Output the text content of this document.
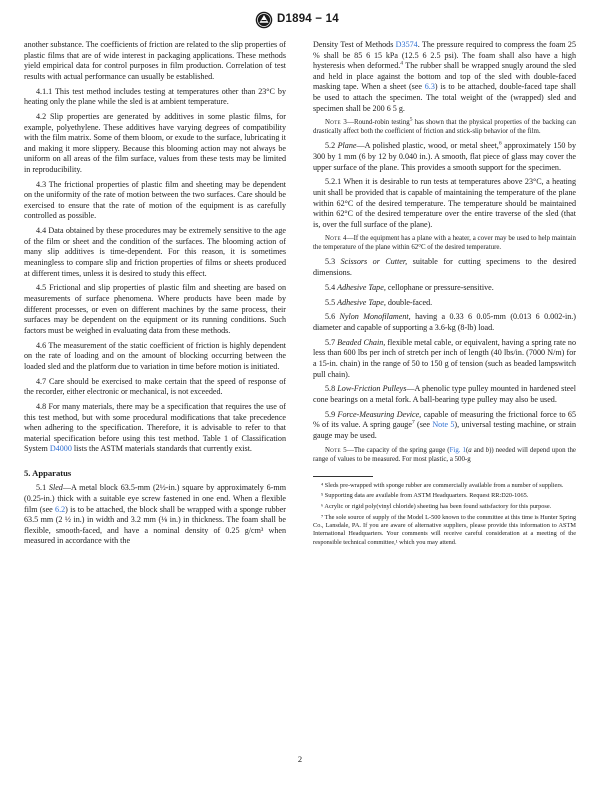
D1894 − 14

another substance. The coefficients of friction are related to the slip properties of plastic films that are of wide interest in packaging applications. These methods yield empirical data for control purposes in film production. Correlation of test results with actual performance can usually be established.

4.1.1 This test method includes testing at temperatures other than 23°C by heating only the plane while the sled is at ambient temperature.

4.2 Slip properties are generated by additives in some plastic films, for example, polyethylene. These additives have varying degrees of compatibility with the film matrix. Some of them bloom, or exude to the surface, lubricating it and making it more slippery. Because this blooming action may not always be uniform on all areas of the film surface, values from these tests may be limited in reproducibility.

4.3 The frictional properties of plastic film and sheeting may be dependent on the uniformity of the rate of motion between the two surfaces. Care should be exercised to ensure that the rate of motion of the equipment is as carefully controlled as possible.

4.4 Data obtained by these procedures may be extremely sensitive to the age of the film or sheet and the condition of the surfaces. The blooming action of many slip additives is time-dependent. For this reason, it is sometimes meaningless to compare slip and friction properties of films or sheets produced at different times, unless it is desired to study this effect.

4.5 Frictional and slip properties of plastic film and sheeting are based on measurements of surface phenomena. Where products have been made by different processes, or even on different machines by the same process, their surfaces may be dependent on the equipment or its running conditions. Such factors must be weighed in evaluating data from these methods.

4.6 The measurement of the static coefficient of friction is highly dependent on the rate of loading and on the amount of blocking occurring between the loaded sled and the platform due to variation in time before motion is initiated.

4.7 Care should be exercised to make certain that the speed of response of the recorder, either electronic or mechanical, is not exceeded.

4.8 For many materials, there may be a specification that requires the use of this test method, but with some procedural modifications that take precedence when adhering to the specification. Therefore, it is advisable to refer to that material specification before using this test method. Table 1 of Classification System D4000 lists the ASTM materials standards that currently exist.

5. Apparatus

5.1 Sled—A metal block 63.5-mm (2½-in.) square by approximately 6-mm (0.25-in.) thick with a suitable eye screw fastened in one end. When a flexible film (see 6.2) is to be attached, the block shall be wrapped with a sponge rubber 63.5 mm (2 ½ in.) in width and 3.2 mm (⅛ in.) in thickness. The foam shall be flexible, smooth-faced, and have a nominal density of 0.25 g/cm³ when measured in accordance with the

Density Test of Methods D3574. The pressure required to compress the foam 25 % shall be 85 6 15 kPa (12.5 6 2.5 psi). The foam shall also have a high hysteresis when deformed.$^4$ The rubber shall be wrapped snugly around the sled and held in place against the bottom and top of the sled with double-faced masking tape. When a sheet (see 6.3) is to be attached, double-faced tape shall be used to attach the specimen. The total weight of the (wrapped) sled and specimen shall be 200 6 5 g.

Note 3—Round-robin testing$^5$ has shown that the physical properties of the backing can drastically affect both the coefficient of friction and stick-slip behavior of the film.

5.2 Plane—A polished plastic, wood, or metal sheet,$^6$ approximately 150 by 300 by 1 mm (6 by 12 by 0.040 in.). A smooth, flat piece of glass may cover the upper surface of the plane. This provides a smooth support for the specimen.

5.2.1 When it is desirable to run tests at temperatures above 23°C, a heating unit shall be provided that is capable of maintaining the temperature of the plane within 62°C of the desired temperature. The temperature should be maintained within 62°C of the desired temperature over the entire traverse of the sled (that is, over the full surface of the plane).

Note 4—If the equipment has a plane with a heater, a cover may be used to help maintain the temperature of the plane within 62°C of the desired temperature.

5.3 Scissors or Cutter, suitable for cutting specimens to the desired dimensions.

5.4 Adhesive Tape, cellophane or pressure-sensitive.

5.5 Adhesive Tape, double-faced.

5.6 Nylon Monofilament, having a 0.33 6 0.05-mm (0.013 6 0.002-in.) diameter and capable of supporting a 3.6-kg (8-lb) load.

5.7 Beaded Chain, flexible metal cable, or equivalent, having a spring rate no less than 600 lbs per inch of stretch per inch of length (40 lbs/in. (7000 N/m) for a 15-in. chain) in the range of 50 to 150 g of tension (such as beaded lampswitch pull chain).

5.8 Low-Friction Pulleys—A phenolic type pulley mounted in hardened steel cone bearings on a metal fork. A ball-bearing type pulley may also be used.

5.9 Force-Measuring Device, capable of measuring the frictional force to 65 % of its value. A spring gauge$^7$ (see Note 5), universal testing machine, or strain gauge may be used.

Note 5—The capacity of the spring gauge (Fig. 1(a and b)) needed will depend upon the range of values to be measured. For most plastic, a 500-g

⁴ Sleds pre-wrapped with sponge rubber are commercially available from a number of suppliers.

⁵ Supporting data are available from ASTM Headquarters. Request RR:D20-1065.

⁶ Acrylic or rigid poly(vinyl chloride) sheeting has been found satisfactory for this purpose.

⁷ The sole source of supply of the Model L-500 known to the committee at this time is Hunter Spring Co., Lansdale, PA. If you are aware of alternative suppliers, please provide this information to ASTM International Headquarters. Your comments will receive careful consideration at a meeting of the responsible technical committee,¹ which you may attend.

2
